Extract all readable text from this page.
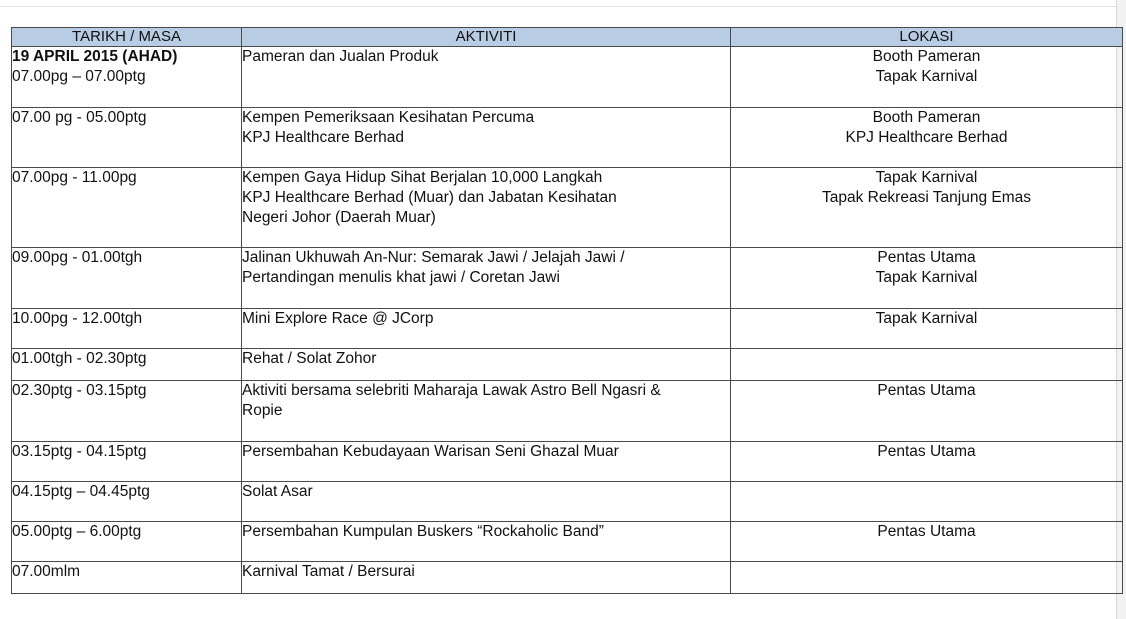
TARIKH / MASA	AKTIVITI	LOKASI

19 APRIL 2015 (AHAD)
07.00pg – 07.00ptg	Pameran dan Jualan Produk	Booth Pameran
Tapak Karnival

07.00 pg - 05.00ptg	Kempen Pemeriksaan Kesihatan Percuma
KPJ Healthcare Berhad	Booth Pameran
KPJ Healthcare Berhad

07.00pg - 11.00pg	Kempen Gaya Hidup Sihat Berjalan 10,000 Langkah
KPJ Healthcare Berhad (Muar) dan Jabatan Kesihatan
Negeri Johor (Daerah Muar)	Tapak Karnival
Tapak Rekreasi Tanjung Emas

09.00pg - 01.00tgh	Jalinan Ukhuwah An-Nur: Semarak Jawi / Jelajah Jawi /
Pertandingan menulis khat jawi / Coretan Jawi	Pentas Utama
Tapak Karnival

10.00pg - 12.00tgh	Mini Explore Race @ JCorp	Tapak Karnival

01.00tgh - 02.30ptg	Rehat / Solat Zohor	

02.30ptg - 03.15ptg	Aktiviti bersama selebriti Maharaja Lawak Astro Bell Ngasri &
Ropie	Pentas Utama

03.15ptg - 04.15ptg	Persembahan Kebudayaan Warisan Seni Ghazal Muar	Pentas Utama

04.15ptg – 04.45ptg	Solat Asar	

05.00ptg – 6.00ptg	Persembahan Kumpulan Buskers “Rockaholic Band”	Pentas Utama

07.00mlm	Karnival Tamat / Bersurai	
